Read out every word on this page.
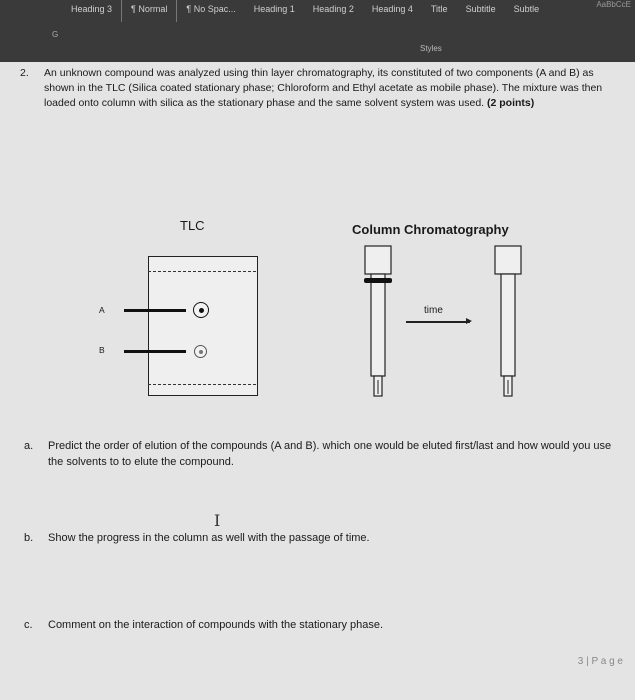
Heading 3	¶ Normal	¶ No Spac...	Heading 1	Heading 2	Heading 4	Title	Subtitle	Subtle
G
AaBbCcE
Styles
2. An unknown compound was analyzed using thin layer chromatography, its constituted of two components (A and B) as shown in the TLC (Silica coated stationary phase; Chloroform and Ethyl acetate as mobile phase). The mixture was then loaded onto column with silica as the stationary phase and the same solvent system was used. (2 points)
TLC	Column Chromatography
A
B
time
a. Predict the order of elution of the compounds (A and B). which one would be eluted first/last and how would you use the solvents to to elute the compound.
I
b. Show the progress in the column as well with the passage of time.
c. Comment on the interaction of compounds with the stationary phase.
3 | P a g e
